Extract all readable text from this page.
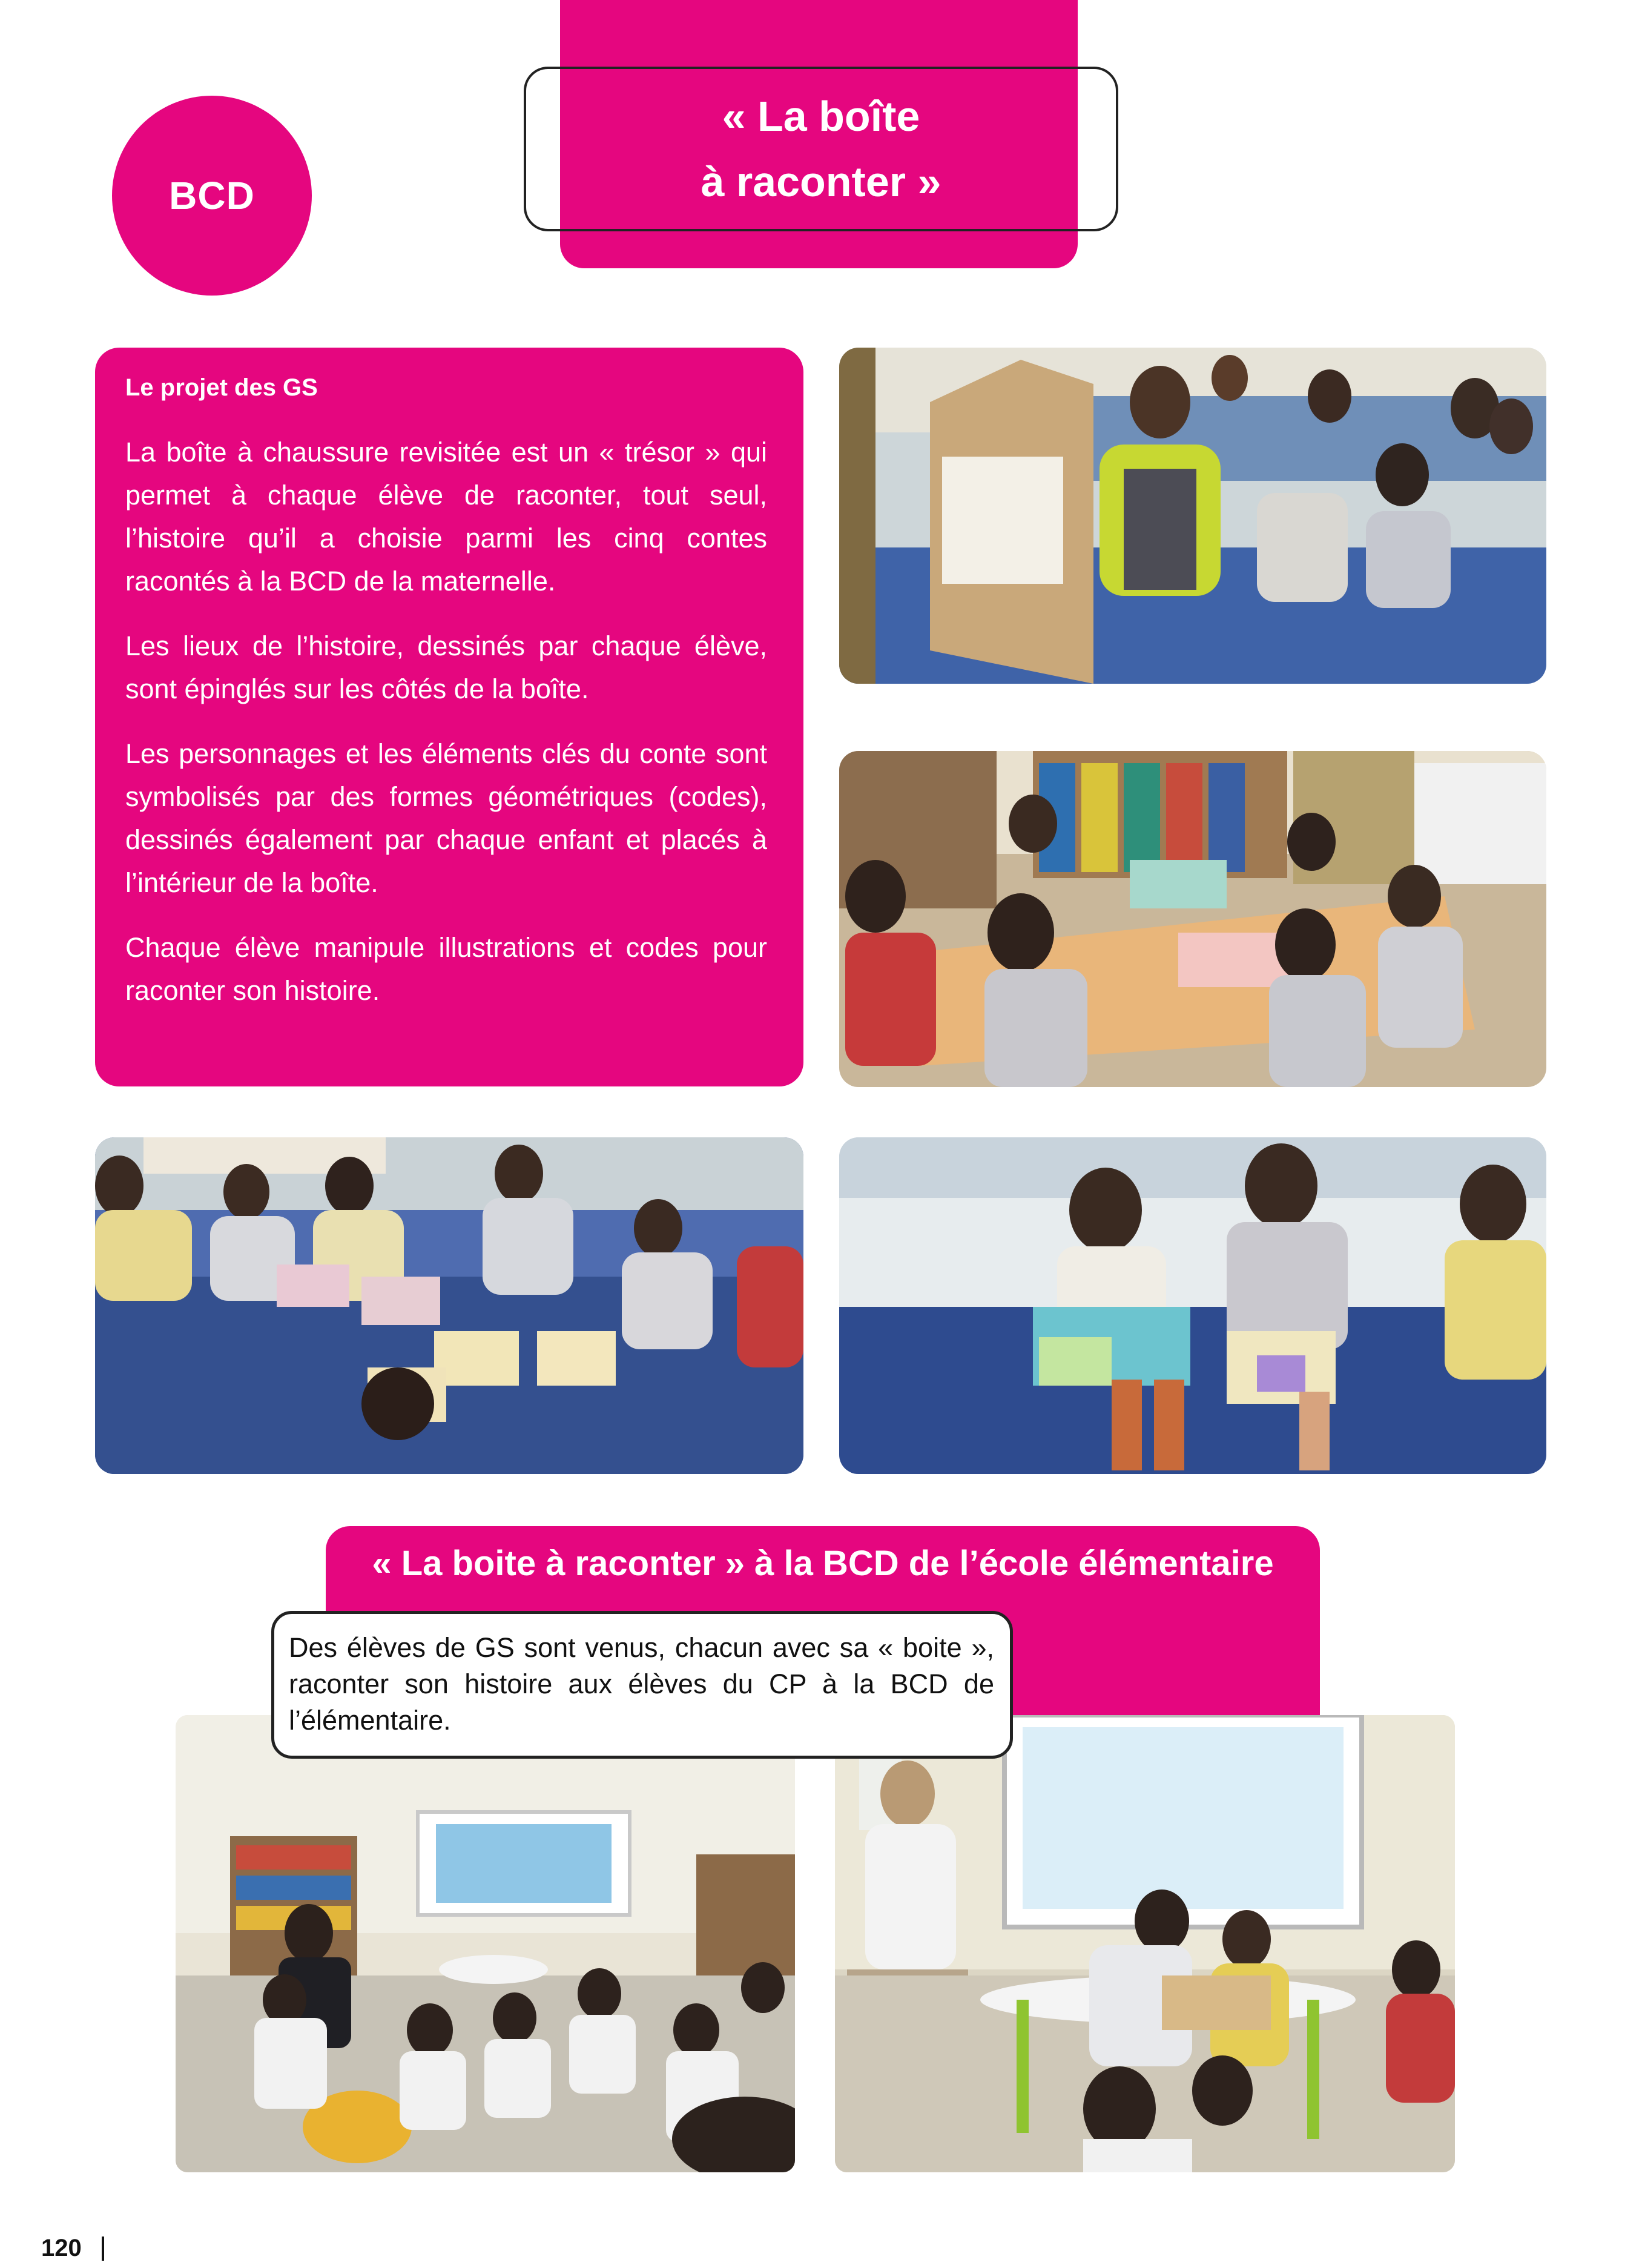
BCD
« La boîte
à raconter »
Le projet des GS

La boîte à chaussure revisitée est un « trésor » qui permet à chaque élève de raconter, tout seul, l’histoire qu’il a choisie parmi les cinq contes racontés à la BCD de la maternelle.

Les lieux de l’histoire, dessinés par chaque élève, sont épinglés sur les côtés de la boîte.

Les personnages et les éléments clés du conte sont symbolisés par des formes géométriques (codes), dessinés également par chaque enfant et placés à l’intérieur de la boîte.

Chaque élève manipule illustrations et codes pour raconter son histoire.

« La boite à raconter » à la BCD de l’école élémentaire
Des élèves de GS sont venus, chacun avec sa « boite », raconter son histoire aux élèves du CP à la BCD de l’élémentaire.
120
